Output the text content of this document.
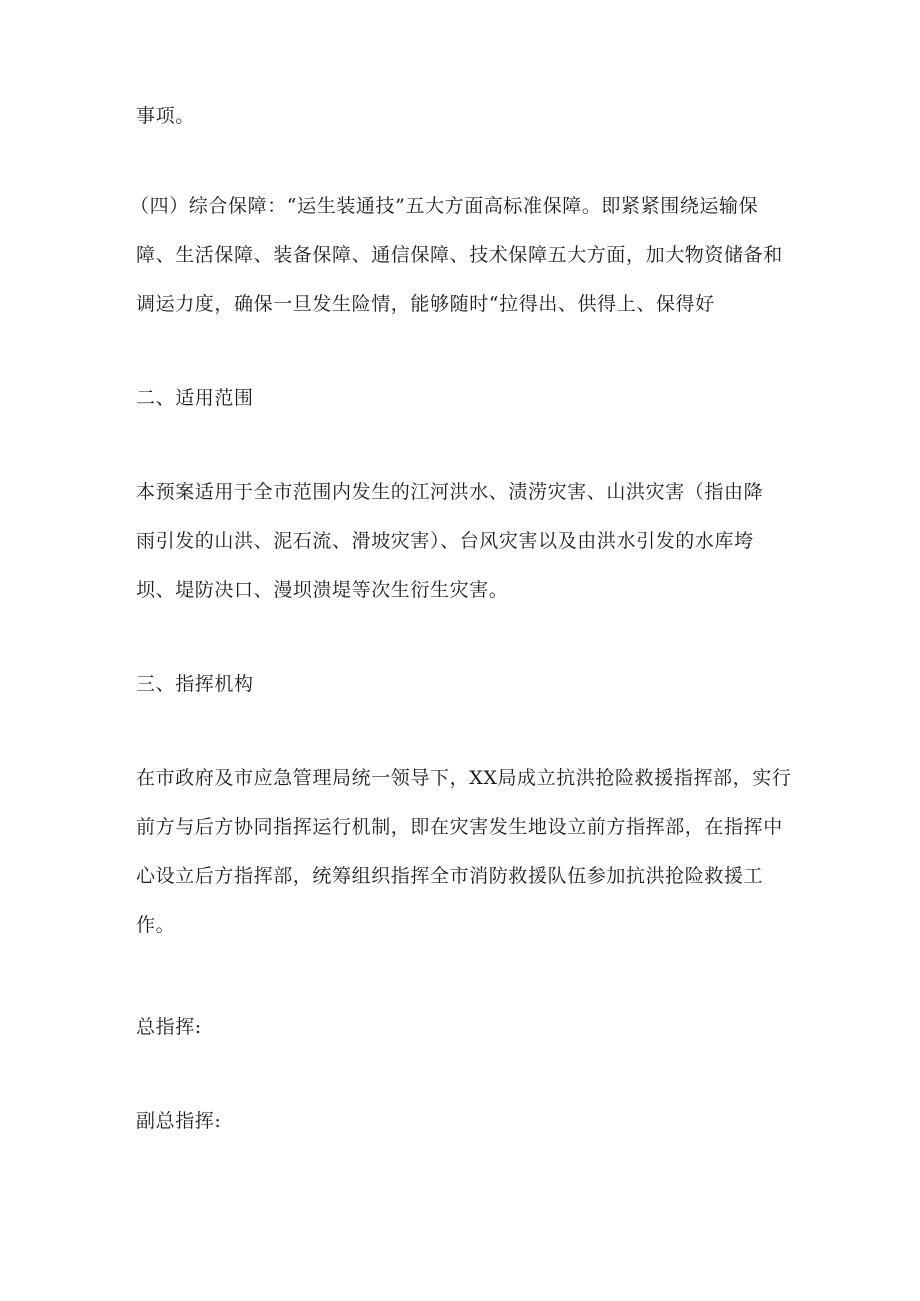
事项。
（四）综合保障：“运生装通技”五大方面高标准保障。即紧紧围绕运输保
障、生活保障、装备保障、通信保障、技术保障五大方面，加大物资储备和
调运力度，确保一旦发生险情，能够随时“拉得出、供得上、保得好
二、适用范围
本预案适用于全市范围内发生的江河洪水、渍涝灾害、山洪灾害（指由降
雨引发的山洪、泥石流、滑坡灾害）、台风灾害以及由洪水引发的水库垮
坝、堤防决口、漫坝溃堤等次生衍生灾害。
三、指挥机构
在市政府及市应急管理局统一领导下，XX局成立抗洪抢险救援指挥部，实行
前方与后方协同指挥运行机制，即在灾害发生地设立前方指挥部，在指挥中
心设立后方指挥部，统筹组织指挥全市消防救援队伍参加抗洪抢险救援工
作。
总指挥:
副总指挥:
